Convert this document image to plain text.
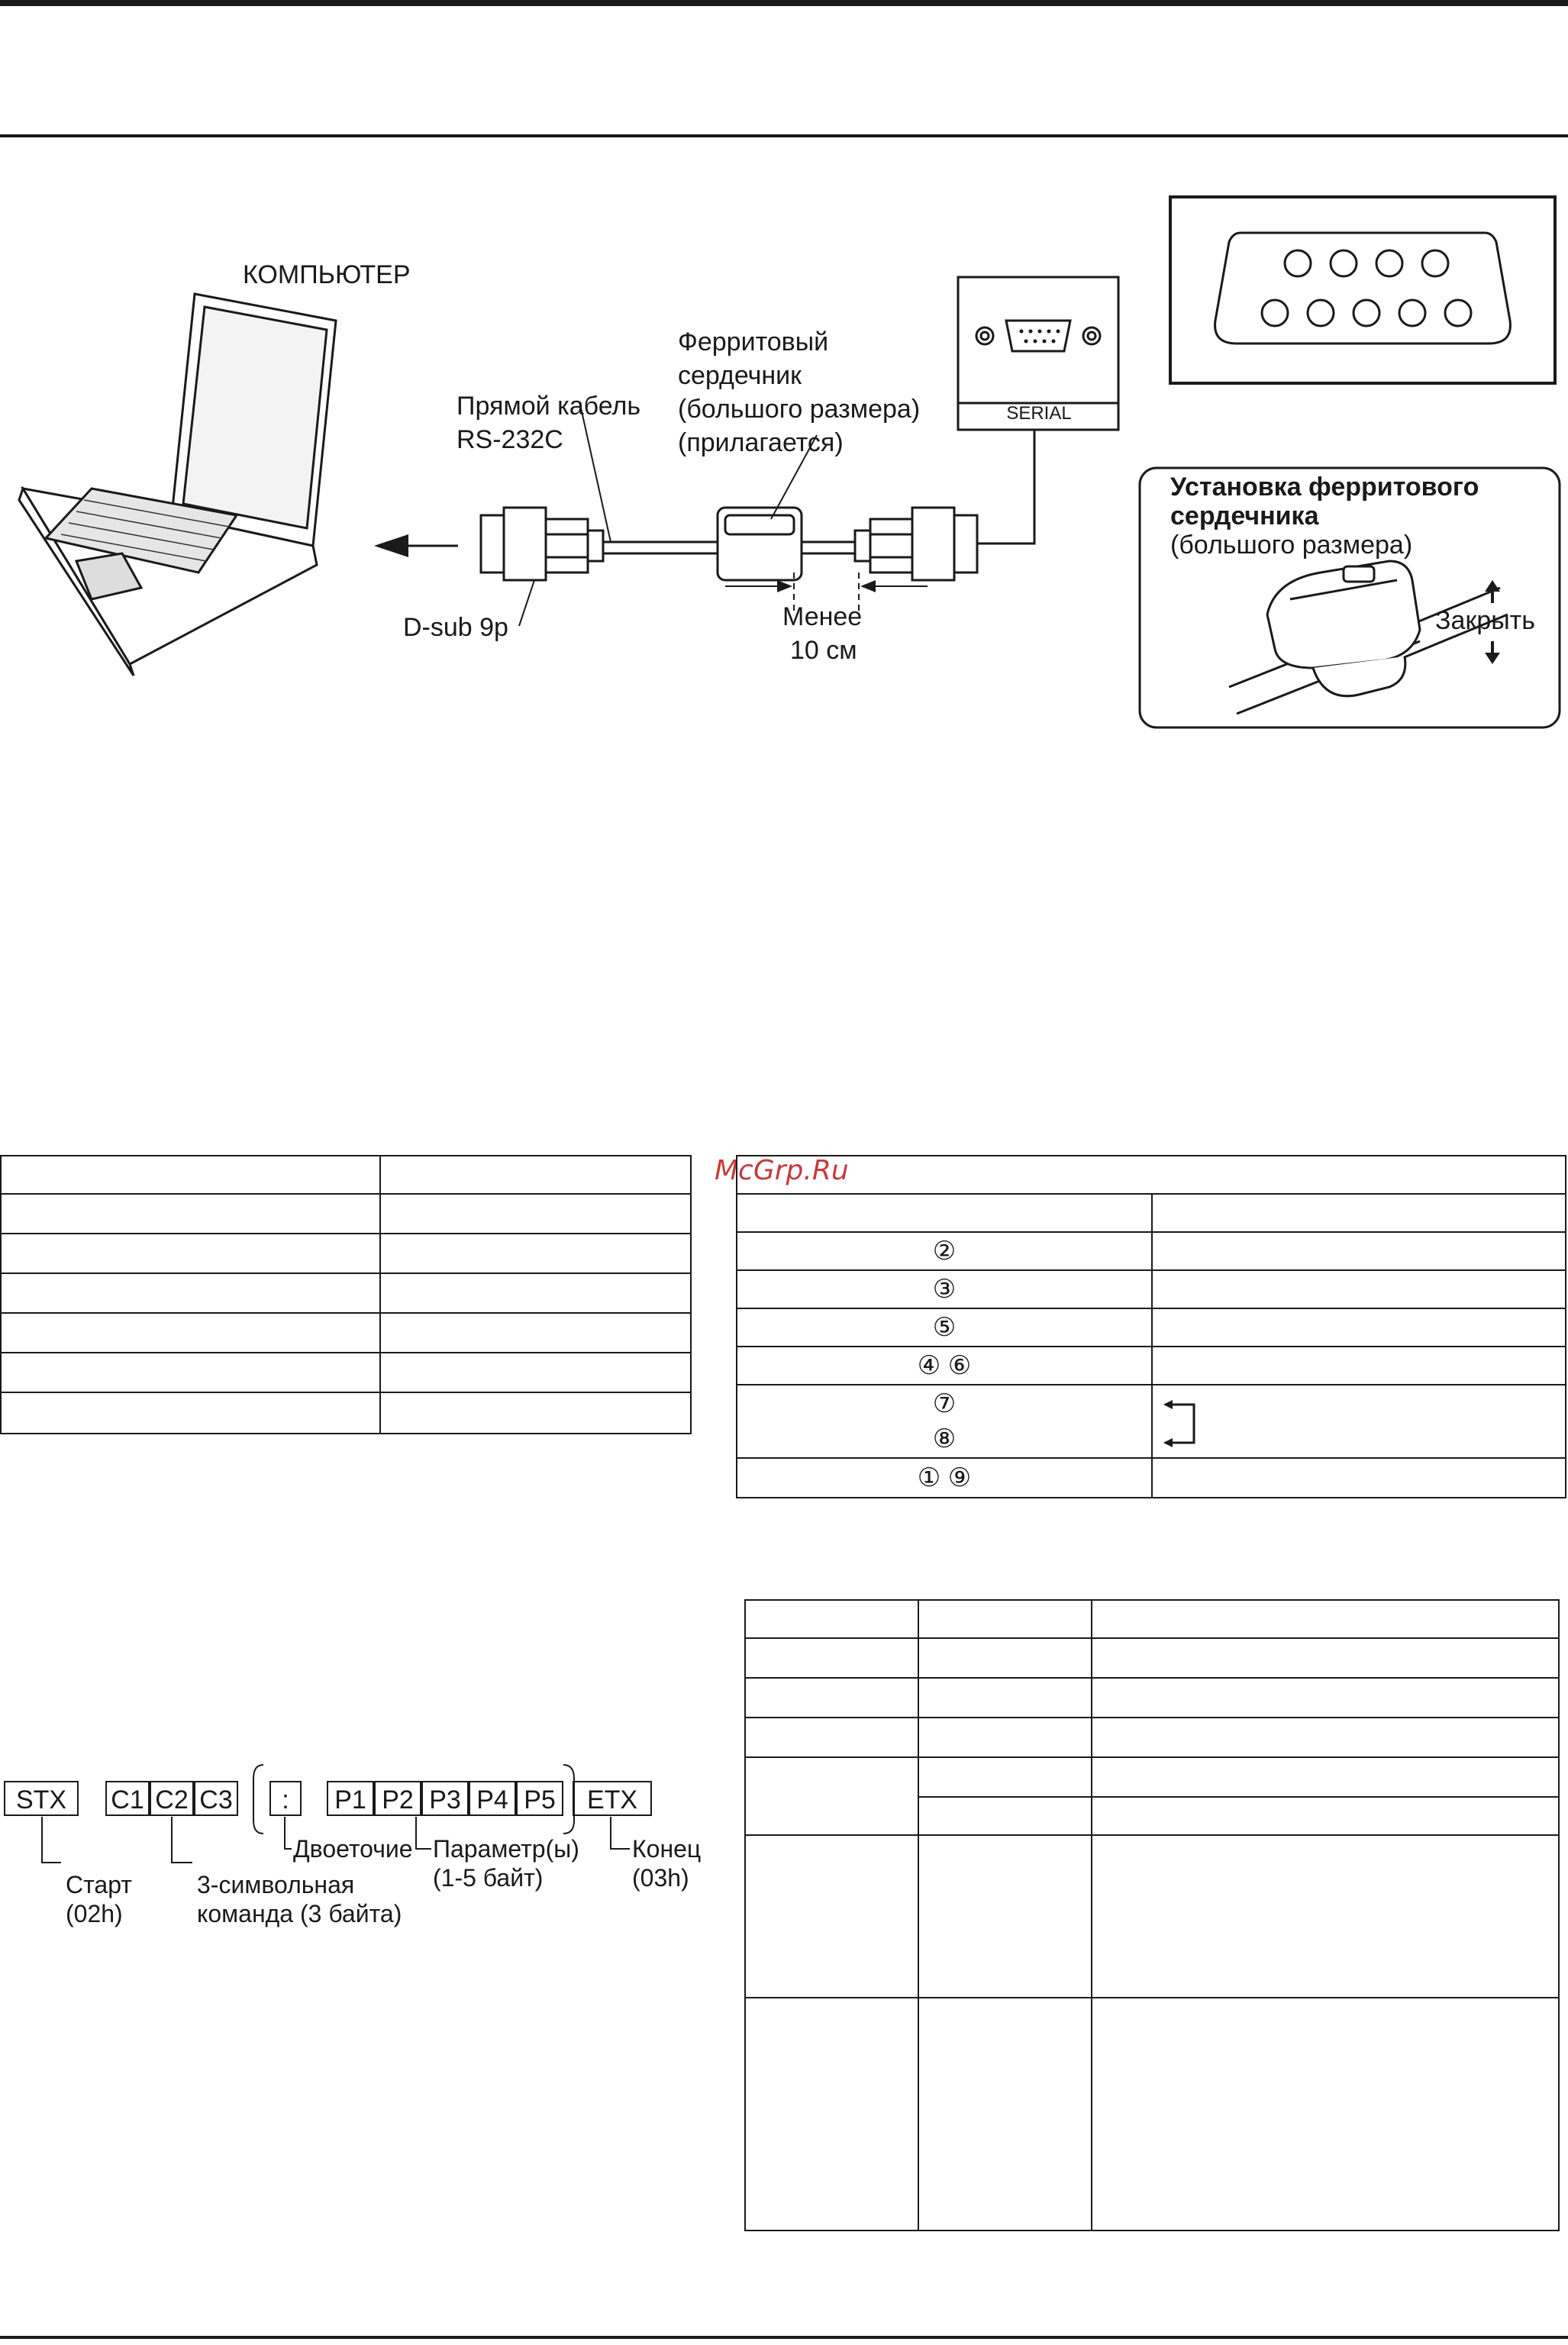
КОМПЬЮТЕР
Прямой кабель
RS-232C
Ферритовый
сердечник
(большого размера)
(прилагается)
D-sub 9p	Менее
10 см
SERIAL
Установка ферритового
сердечника
(большого размера)
Закрыть

McGrp.Ru

②	
③	
⑤	
④ ⑥	

⑦
⑧

① ⑨	

STX	C1 C2 C3	:	P1 P2 P3 P4 P5	ETX
Старт
(02h)
3-символьная
команда (3 байта)
Двоеточие Параметр(ы)
(1-5 байт)
Конец
(03h)
